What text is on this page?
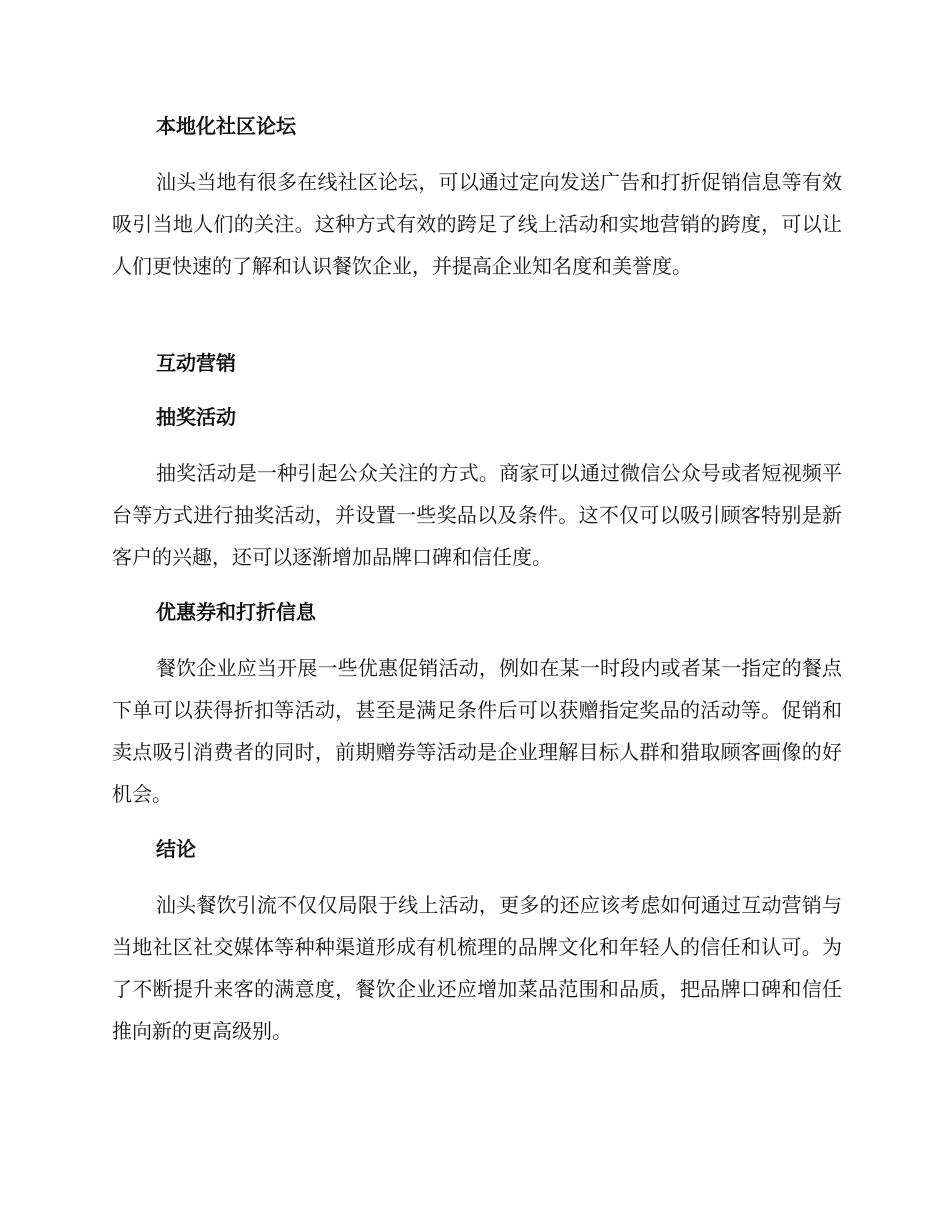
本地化社区论坛

汕头当地有很多在线社区论坛，可以通过定向发送广告和打折促销信息等有效吸引当地人们的关注。这种方式有效的跨足了线上活动和实地营销的跨度，可以让人们更快速的了解和认识餐饮企业，并提高企业知名度和美誉度。

互动营销
抽奖活动

抽奖活动是一种引起公众关注的方式。商家可以通过微信公众号或者短视频平台等方式进行抽奖活动，并设置一些奖品以及条件。这不仅可以吸引顾客特别是新客户的兴趣，还可以逐渐增加品牌口碑和信任度。

优惠券和打折信息

餐饮企业应当开展一些优惠促销活动，例如在某一时段内或者某一指定的餐点下单可以获得折扣等活动，甚至是满足条件后可以获赠指定奖品的活动等。促销和卖点吸引消费者的同时，前期赠券等活动是企业理解目标人群和猎取顾客画像的好机会。

结论

汕头餐饮引流不仅仅局限于线上活动，更多的还应该考虑如何通过互动营销与当地社区社交媒体等种种渠道形成有机梳理的品牌文化和年轻人的信任和认可。为了不断提升来客的满意度，餐饮企业还应增加菜品范围和品质，把品牌口碑和信任推向新的更高级别。
